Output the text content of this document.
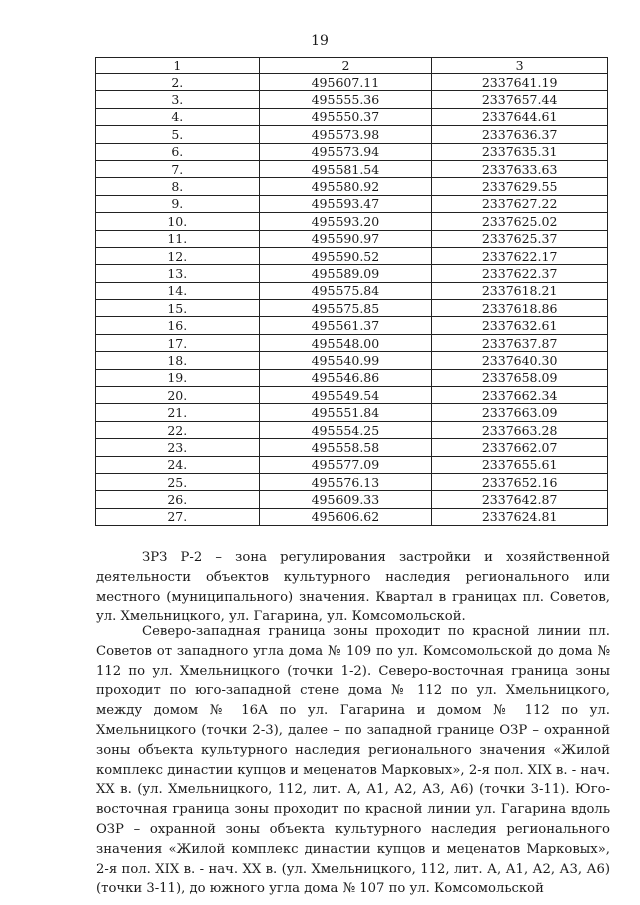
19
1	2	3
2.	495607.11	2337641.19
3.	495555.36	2337657.44
4.	495550.37	2337644.61
5.	495573.98	2337636.37
6.	495573.94	2337635.31
7.	495581.54	2337633.63
8.	495580.92	2337629.55
9.	495593.47	2337627.22
10.	495593.20	2337625.02
11.	495590.97	2337625.37
12.	495590.52	2337622.17
13.	495589.09	2337622.37
14.	495575.84	2337618.21
15.	495575.85	2337618.86
16.	495561.37	2337632.61
17.	495548.00	2337637.87
18.	495540.99	2337640.30
19.	495546.86	2337658.09
20.	495549.54	2337662.34
21.	495551.84	2337663.09
22.	495554.25	2337663.28
23.	495558.58	2337662.07
24.	495577.09	2337655.61
25.	495576.13	2337652.16
26.	495609.33	2337642.87
27.	495606.62	2337624.81

ЗРЗ Р-2 – зона регулирования застройки и хозяйственной деятельности объектов культурного наследия регионального или местного (муниципального) значения. Квартал в границах пл. Советов, ул. Хмельницкого, ул. Гагарина, ул. Комсомольской.

Северо-западная граница зоны проходит по красной линии пл. Советов от западного угла дома № 109 по ул. Комсомольской до дома № 112 по ул. Хмельницкого (точки 1-2). Северо-восточная граница зоны проходит по юго-западной стене дома № 112 по ул. Хмельницкого, между домом № 16А по ул. Гагарина и домом № 112 по ул. Хмельницкого (точки 2-3), далее – по западной границе ОЗР – охранной зоны объекта культурного наследия регионального значения «Жилой комплекс династии купцов и меценатов Марковых», 2-я пол. XIX в. - нач. XX в. (ул. Хмельницкого, 112, лит. А, А1, А2, А3, А6) (точки 3-11). Юго-восточная граница зоны проходит по красной линии ул. Гагарина вдоль ОЗР – охранной зоны объекта культурного наследия регионального значения «Жилой комплекс династии купцов и меценатов Марковых», 2-я пол. XIX в. - нач. XX в. (ул. Хмельницкого, 112, лит. А, А1, А2, А3, А6) (точки 3-11), до южного угла дома № 107 по ул. Комсомольской
